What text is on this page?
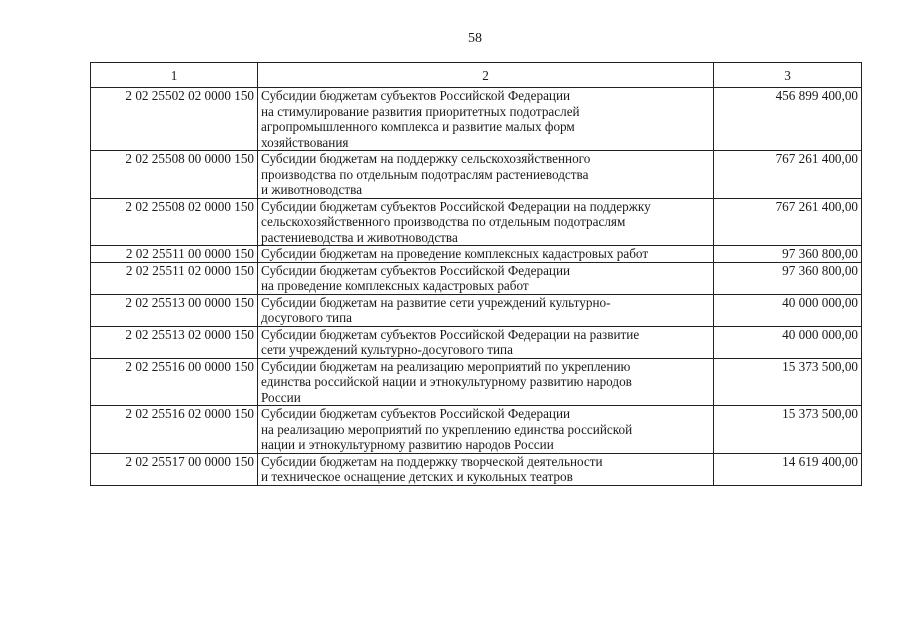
58
1	2	3
2 02 25502 02 0000 150	Субсидии бюджетам субъектов Российской Федерации
на стимулирование развития приоритетных подотраслей
агропромышленного комплекса и развитие малых форм
хозяйствования	456 899 400,00
2 02 25508 00 0000 150	Субсидии бюджетам на поддержку сельскохозяйственного
производства по отдельным подотраслям растениеводства
и животноводства	767 261 400,00
2 02 25508 02 0000 150	Субсидии бюджетам субъектов Российской Федерации на поддержку
сельскохозяйственного производства по отдельным подотраслям
растениеводства и животноводства	767 261 400,00
2 02 25511 00 0000 150	Субсидии бюджетам на проведение комплексных кадастровых работ	97 360 800,00
2 02 25511 02 0000 150	Субсидии бюджетам субъектов Российской Федерации
на проведение комплексных кадастровых работ	97 360 800,00
2 02 25513 00 0000 150	Субсидии бюджетам на развитие сети учреждений культурно-
досугового типа	40 000 000,00
2 02 25513 02 0000 150	Субсидии бюджетам субъектов Российской Федерации на развитие
сети учреждений культурно-досугового типа	40 000 000,00
2 02 25516 00 0000 150	Субсидии бюджетам на реализацию мероприятий по укреплению
единства российской нации и этнокультурному развитию народов
России	15 373 500,00
2 02 25516 02 0000 150	Субсидии бюджетам субъектов Российской Федерации
на реализацию мероприятий по укреплению единства российской
нации и этнокультурному развитию народов России	15 373 500,00
2 02 25517 00 0000 150	Субсидии бюджетам на поддержку творческой деятельности
и техническое оснащение детских и кукольных театров	14 619 400,00
